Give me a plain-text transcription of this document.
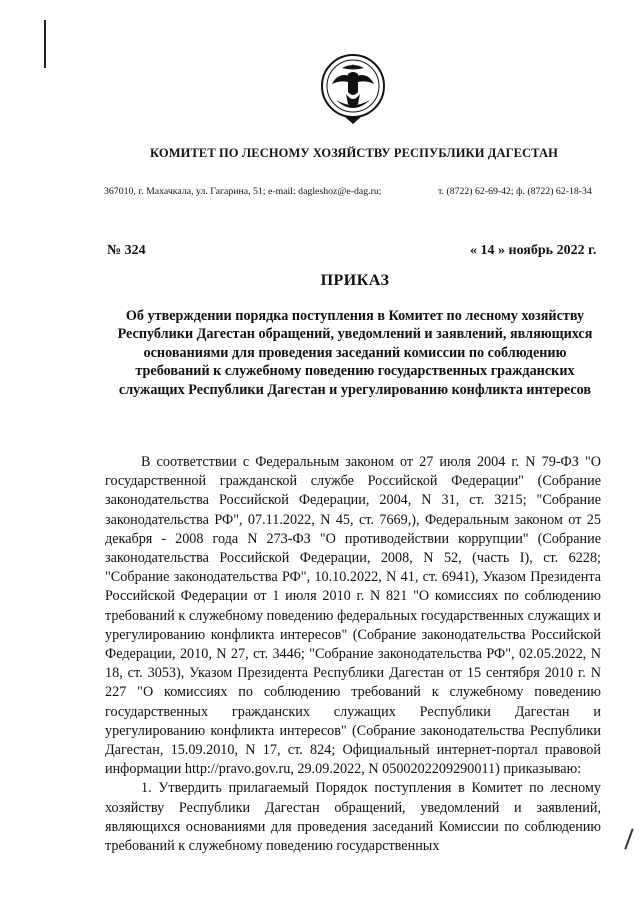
КОМИТЕТ ПО ЛЕСНОМУ ХОЗЯЙСТВУ РЕСПУБЛИКИ ДАГЕСТАН
367010, г. Махачкала, ул. Гагарина, 51; e-mail: dagleshoz@e-dag.ru;	т. (8722) 62-69-42; ф. (8722) 62-18-34
№ 324	« 14 » ноябрь 2022 г.
ПРИКАЗ
Об утверждении порядка поступления в Комитет по лесному хозяйству Республики Дагестан обращений, уведомлений и заявлений, являющихся основаниями для проведения заседаний комиссии по соблюдению требований к служебному поведению государственных гражданских служащих Республики Дагестан и урегулированию конфликта интересов

В соответствии с Федеральным законом от 27 июля 2004 г. N 79-ФЗ "О государственной гражданской службе Российской Федерации" (Собрание законодательства Российской Федерации, 2004, N 31, ст. 3215; "Собрание законодательства РФ", 07.11.2022, N 45, ст. 7669,), Федеральным законом от 25 декабря - 2008 года N 273-ФЗ "О противодействии коррупции" (Собрание законодательства Российской Федерации, 2008, N 52, (часть I), ст. 6228; "Собрание законодательства РФ", 10.10.2022, N 41, ст. 6941), Указом Президента Российской Федерации от 1 июля 2010 г. N 821 "О комиссиях по соблюдению требований к служебному поведению федеральных государственных служащих и урегулированию конфликта интересов" (Собрание законодательства Российской Федерации, 2010, N 27, ст. 3446; "Собрание законодательства РФ", 02.05.2022, N 18, ст. 3053), Указом Президента Республики Дагестан от 15 сентября 2010 г. N 227 "О комиссиях по соблюдению требований к служебному поведению государственных гражданских служащих Республики Дагестан и урегулированию конфликта интересов" (Собрание законодательства Республики Дагестан, 15.09.2010, N 17, ст. 824; Официальный интернет-портал правовой информации http://pravo.gov.ru, 29.09.2022, N 0500202209290011) приказываю:

1. Утвердить прилагаемый Порядок поступления в Комитет по лесному хозяйству Республики Дагестан обращений, уведомлений и заявлений, являющихся основаниями для проведения заседаний Комиссии по соблюдению требований к служебному поведению государственных
